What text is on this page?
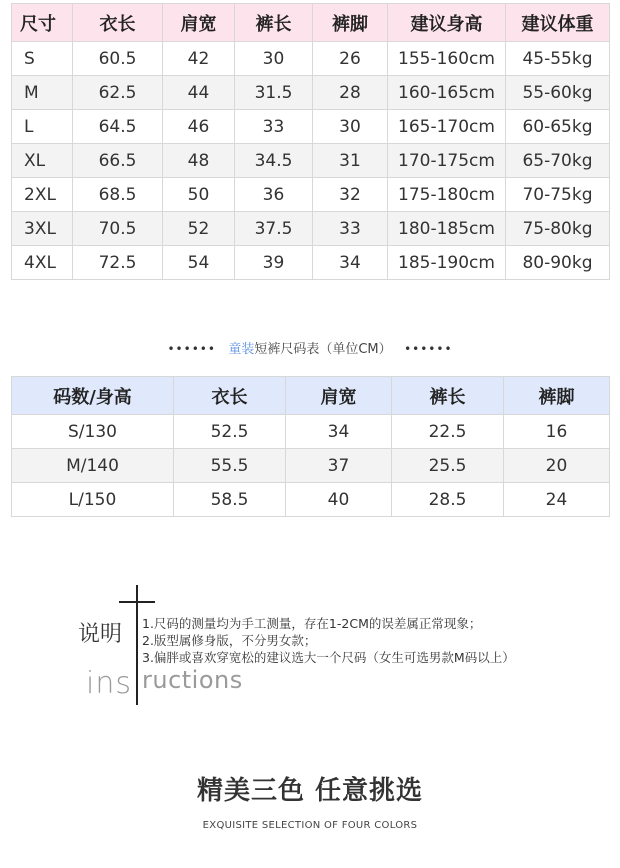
尺寸	衣长	肩宽	裤长	裤脚	建议身高	建议体重
S	60.5	42	30	26	155-160cm	45-55kg
M	62.5	44	31.5	28	160-165cm	55-60kg
L	64.5	46	33	30	165-170cm	60-65kg
XL	66.5	48	34.5	31	170-175cm	65-70kg
2XL	68.5	50	36	32	175-180cm	70-75kg
3XL	70.5	52	37.5	33	180-185cm	75-80kg
4XL	72.5	54	39	34	185-190cm	80-90kg
•••••• 童装短裤尺码表（单位CM） ••••••
码数/身高	衣长	肩宽	裤长	裤脚
S/130	52.5	34	22.5	16
M/140	55.5	37	25.5	20
L/150	58.5	40	28.5	24
说明 1.尺码的测量均为手工测量，存在1-2CM的误差属正常现象；
2.版型属修身版，不分男女款；
3.偏胖或喜欢穿宽松的建议选大一个尺码（女生可选男款M码以上）
ins ructions
精美三色 任意挑选
EXQUISITE SELECTION OF FOUR COLORS
